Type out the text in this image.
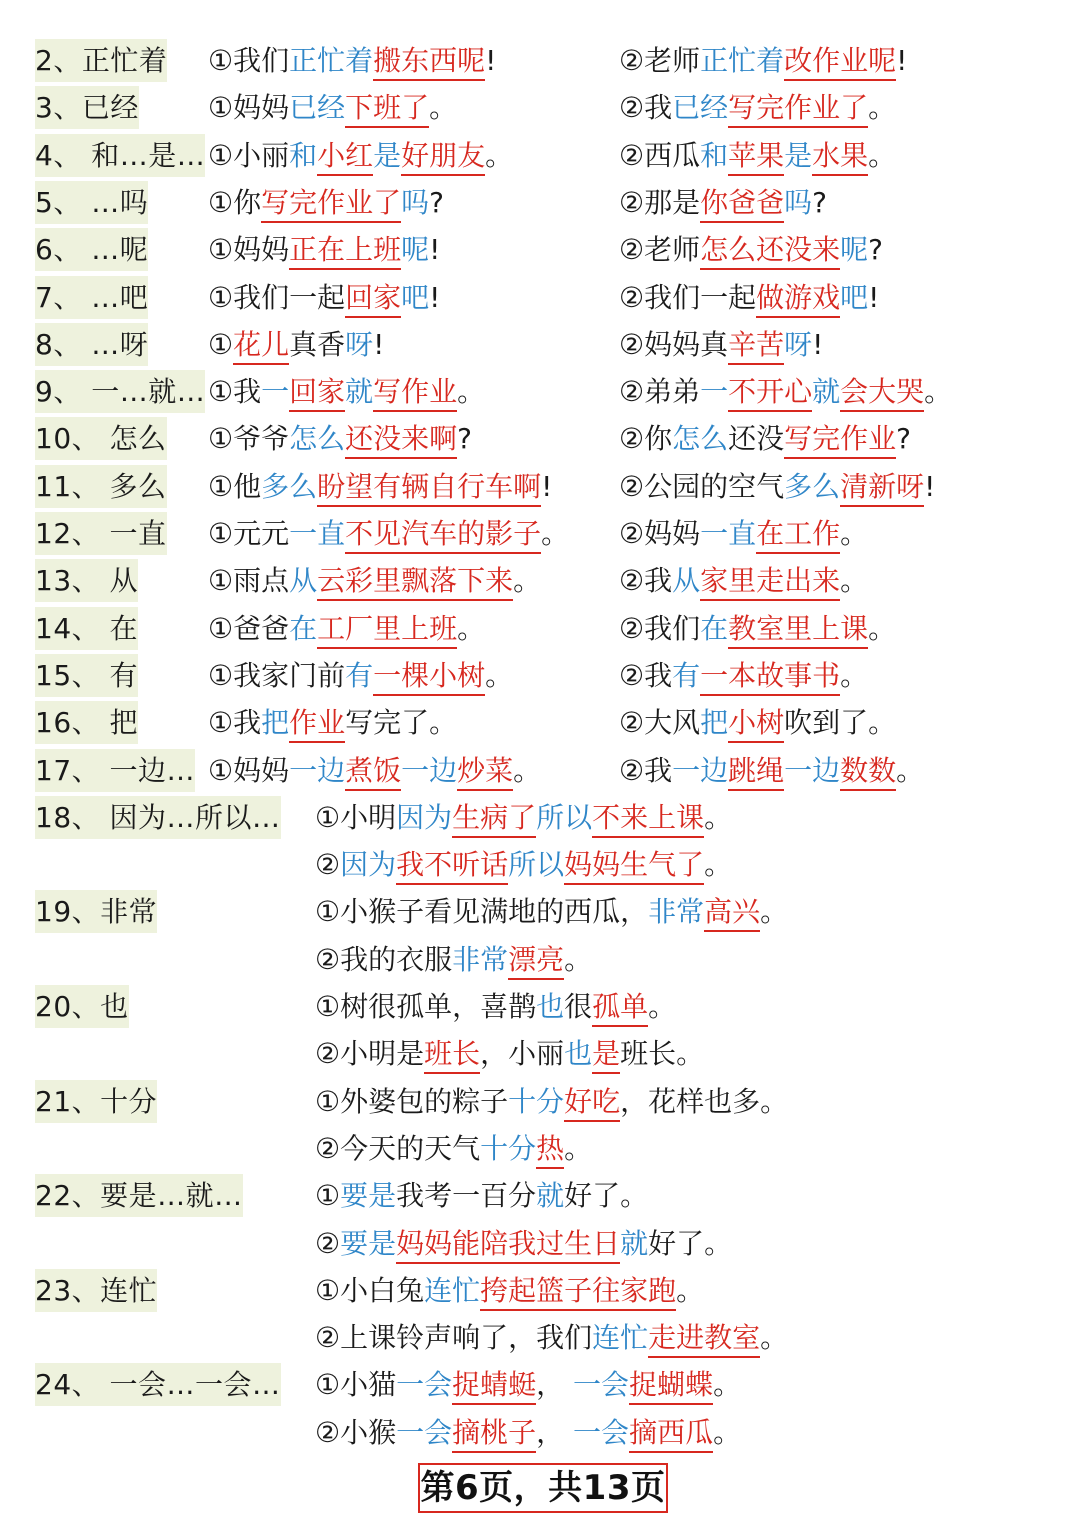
2、正忙着 ①我们正忙着搬东西呢!	②老师正忙着改作业呢!
3、已经 ①妈妈已经下班了。	②我已经写完作业了。
4、 和…是… ①小丽和小红是好朋友。	②西瓜和苹果是水果。
5、 …吗 ①你写完作业了吗?	②那是你爸爸吗?
6、 …呢 ①妈妈正在上班呢!	②老师怎么还没来呢?
7、 …吧 ①我们一起回家吧!	②我们一起做游戏吧!
8、 …呀 ①花儿真香呀!	②妈妈真辛苦呀!
9、 一…就… ①我一回家就写作业。	②弟弟一不开心就会大哭。
10、 怎么 ①爷爷怎么还没来啊?	②你怎么还没写完作业?
11、 多么 ①他多么盼望有辆自行车啊! ②公园的空气多么清新呀!
12、 一直 ①元元一直不见汽车的影子。 ②妈妈一直在工作。
13、 从 ①雨点从云彩里飘落下来。	②我从家里走出来。
14、 在 ①爸爸在工厂里上班。	②我们在教室里上课。
15、 有 ①我家门前有一棵小树。	②我有一本故事书。
16、 把 ①我把作业写完了。	②大风把小树吹到了。
17、 一边… ①妈妈一边煮饭一边炒菜。	②我一边跳绳一边数数。
18、 因为…所以… ①小明因为生病了所以不来上课。
②因为我不听话所以妈妈生气了。
19、非常	①小猴子看见满地的西瓜，非常高兴。
②我的衣服非常漂亮。
20、也	①树很孤单，喜鹊也很孤单。
②小明是班长，小丽也是班长。
21、十分	①外婆包的粽子十分好吃，花样也多。
②今天的天气十分热。
22、要是…就…	①要是我考一百分就好了。
②要是妈妈能陪我过生日就好了。
23、连忙	①小白兔连忙挎起篮子往家跑。
②上课铃声响了，我们连忙走进教室。
24、 一会…一会… ①小猫一会捉蜻蜓， 一会捉蝴蝶。
②小猴一会摘桃子， 一会摘西瓜。
第6页，共13页
